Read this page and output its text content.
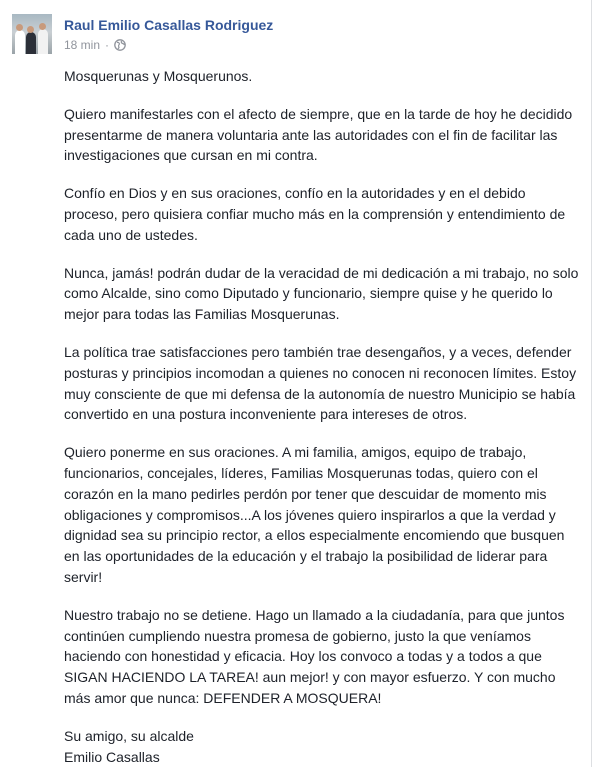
Raul Emilio Casallas Rodriguez
18 min ·

Mosquerunas y Mosquerunos.

Quiero manifestarles con el afecto de siempre, que en la tarde de hoy he decidido presentarme de manera voluntaria ante las autoridades con el fin de facilitar las investigaciones que cursan en mi contra.

Confío en Dios y en sus oraciones, confío en la autoridades y en el debido proceso, pero quisiera confiar mucho más en la comprensión y entendimiento de cada uno de ustedes.

Nunca, jamás! podrán dudar de la veracidad de mi dedicación a mi trabajo, no solo como Alcalde, sino como Diputado y funcionario, siempre quise y he querido lo mejor para todas las Familias Mosquerunas.

La política trae satisfacciones pero también trae desengaños, y a veces, defender posturas y principios incomodan a quienes no conocen ni reconocen límites. Estoy muy consciente de que mi defensa de la autonomía de nuestro Municipio se había convertido en una postura inconveniente para intereses de otros.

Quiero ponerme en sus oraciones. A mi familia, amigos, equipo de trabajo, funcionarios, concejales, líderes, Familias Mosquerunas todas, quiero con el corazón en la mano pedirles perdón por tener que descuidar de momento mis obligaciones y compromisos...A los jóvenes quiero inspirarlos a que la verdad y dignidad sea su principio rector, a ellos especialmente encomiendo que busquen en las oportunidades de la educación y el trabajo la posibilidad de liderar para servir!

Nuestro trabajo no se detiene. Hago un llamado a la ciudadanía, para que juntos continúen cumpliendo nuestra promesa de gobierno, justo la que veníamos haciendo con honestidad y eficacia. Hoy los convoco a todas y a todos a que SIGAN HACIENDO LA TAREA! aun mejor! y con mayor esfuerzo. Y con mucho más amor que nunca: DEFENDER A MOSQUERA!

Su amigo, su alcalde

Emilio Casallas
